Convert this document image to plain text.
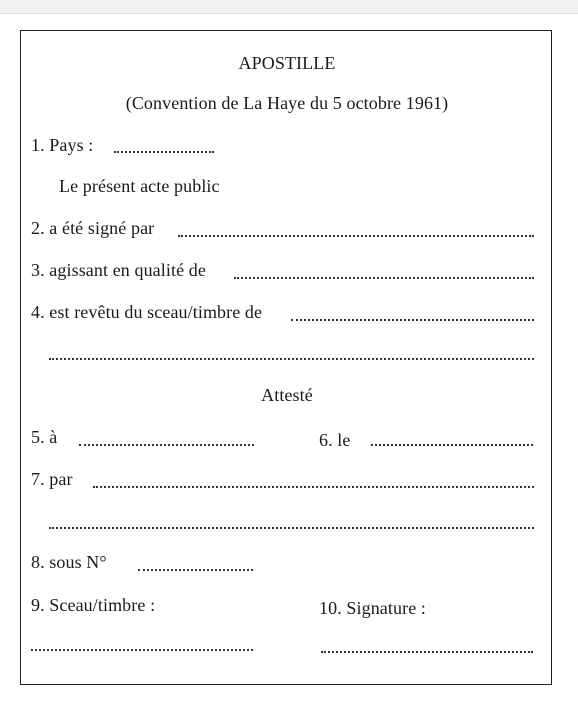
APOSTILLE
(Convention de La Haye du 5 octobre 1961)
1. Pays :
Le présent acte public
2. a été signé par
3. agissant en qualité de
4. est revêtu du sceau/timbre de
Attesté
5. à	6. le
7. par
8. sous N°
9. Sceau/timbre :	10. Signature :
